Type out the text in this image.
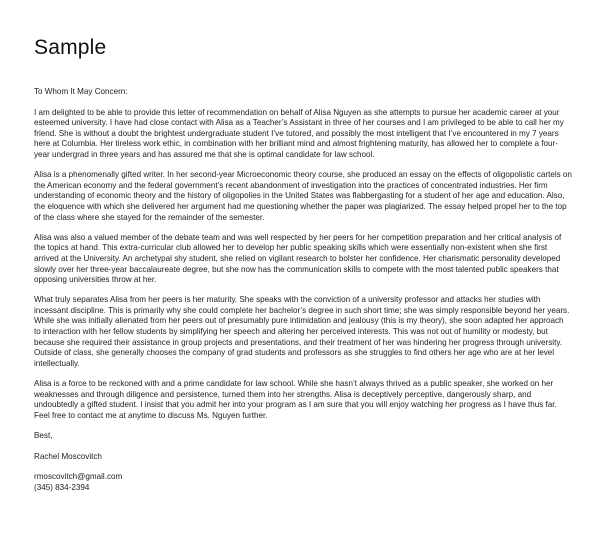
Sample

To Whom It May Concern:

I am delighted to be able to provide this letter of recommendation on behalf of Alisa Nguyen as she attempts to pursue her academic career at your esteemed university. I have had close contact with Alisa as a Teacher’s Assistant in three of her courses and I am privileged to be able to call her my friend. She is without a doubt the brightest undergraduate student I’ve tutored, and possibly the most intelligent that I’ve encountered in my 7 years here at Columbia. Her tireless work ethic, in combination with her brilliant mind and almost frightening maturity, has allowed her to complete a four-year undergrad in three years and has assured me that she is optimal candidate for law school.

Alisa is a phenomenally gifted writer. In her second-year Microeconomic theory course, she produced an essay on the effects of oligopolistic cartels on the American economy and the federal government’s recent abandonment of investigation into the practices of concentrated industries. Her firm understanding of economic theory and the history of oligopolies in the United States was flabbergasting for a student of her age and education. Also, the eloquence with which she delivered her argument had me questioning whether the paper was plagiarized. The essay helped propel her to the top of the class where she stayed for the remainder of the semester.

Alisa was also a valued member of the debate team and was well respected by her peers for her competition preparation and her critical analysis of the topics at hand. This extra-curricular club allowed her to develop her public speaking skills which were essentially non-existent when she first arrived at the University. An archetypal shy student, she relied on vigilant research to bolster her confidence. Her charismatic personality developed slowly over her three-year baccalaureate degree, but she now has the communication skills to compete with the most talented public speakers that opposing universities throw at her.

What truly separates Alisa from her peers is her maturity. She speaks with the conviction of a university professor and attacks her studies with incessant discipline. This is primarily why she could complete her bachelor’s degree in such short time; she was simply responsible beyond her years. While she was initially alienated from her peers out of presumably pure intimidation and jealousy (this is my theory), she soon adapted her approach to interaction with her fellow students by simplifying her speech and altering her perceived interests. This was not out of humility or modesty, but because she required their assistance in group projects and presentations, and their treatment of her was hindering her progress through university. Outside of class, she generally chooses the company of grad students and professors as she struggles to find others her age who are at her level intellectually.

Alisa is a force to be reckoned with and a prime candidate for law school. While she hasn’t always thrived as a public speaker, she worked on her weaknesses and through diligence and persistence, turned them into her strengths. Alisa is deceptively perceptive, dangerously sharp, and undoubtedly a gifted student. I insist that you admit her into your program as I am sure that you will enjoy watching her progress as I have thus far. Feel free to contact me at anytime to discuss Ms. Nguyen further.

Best,

Rachel Moscovitch

rmoscovitch@gmail.com

(345) 834-2394
